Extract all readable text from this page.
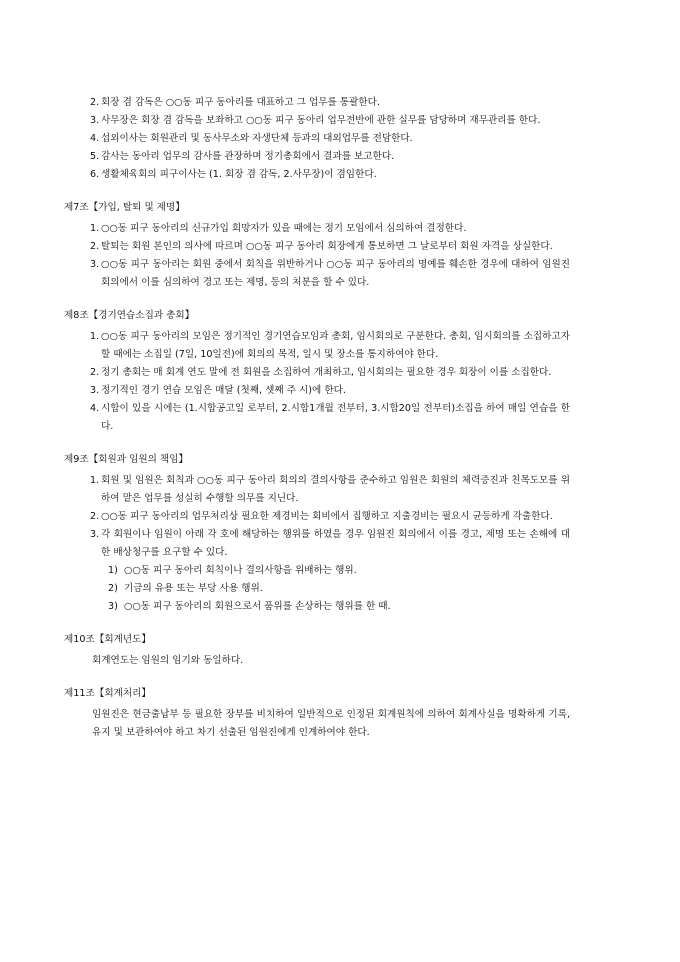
2. 회장 겸 감독은 ○○동 피구 동아리를 대표하고 그 업무를 통괄한다.
3. 사무장은 회장 겸 감독을 보좌하고 ○○동 피구 동아리 업무전반에 관한 실무를 담당하며 재무관리를 한다.
4. 섭외이사는 회원관리 및 동사무소와 자생단체 등과의 대외업무를 전담한다.
5. 감사는 동아리 업무의 감사를 관장하며 정기총회에서 결과를 보고한다.
6. 생활체육회의 피구이사는 (1. 회장 겸 감독, 2.사무장)이 겸임한다.
제7조【가입, 탈퇴 및 제명】
1. ○○동 피구 동아리의 신규가입 희망자가 있을 때에는 정기 모임에서 심의하여 결정한다.
2. 탈퇴는 회원 본인의 의사에 따르며 ○○동 피구 동아리 회장에게 통보하면 그 날로부터 회원 자격을 상실한다.
3. ○○동 피구 동아리는 회원 중에서 회칙을 위반하거나 ○○동 피구 동아리의 명예를 훼손한 경우에 대하여 임원진 회의에서 이를 심의하여 경고 또는 제명, 등의 처분을 할 수 있다.
제8조【경기연습소집과 총회】
1. ○○동 피구 동아리의 모임은 정기적인 경기연습모임과 총회, 임시회의로 구분한다. 총회, 임시회의를 소집하고자 할 때에는 소집일 (7일, 10일전)에 회의의 목적, 일시 및 장소를 통지하여야 한다.
2. 정기 총회는 매 회계 연도 말에 전 회원을 소집하여 개최하고, 임시회의는 필요한 경우 회장이 이를 소집한다.
3. 정기적인 경기 연습 모임은 매달 (첫째, 셋째 주 시)에 한다.
4. 시합이 있을 시에는 (1.시합공고일 로부터, 2.시합1개월 전부터, 3.시합20일 전부터)소집을 하여 매일 연습을 한다.
제9조【회원과 임원의 책임】
1. 회원 및 임원은 회칙과 ○○동 피구 동아리 회의의 결의사항을 준수하고 임원은 회원의 체력증진과 친목도모를 위하여 맡은 업무를 성실히 수행할 의무를 지닌다.
2. ○○동 피구 동아리의 업무처리상 필요한 제경비는 회비에서 집행하고 지출경비는 필요시 균등하게 각출한다.
3. 각 회원이나 임원이 아래 각 호에 해당하는 행위를 하였을 경우 임원진 회의에서 이를 경고, 제명 또는 손해에 대한 배상청구를 요구할 수 있다.
1) ○○동 피구 동아리 회칙이나 결의사항을 위배하는 행위.
2) 기금의 유용 또는 부당 사용 행위.
3) ○○동 피구 동아리의 회원으로서 품위를 손상하는 행위를 한 때.
제10조【회계년도】
회계연도는 임원의 임기와 동일하다.
제11조【회계처리】
임원진은 현금출납부 등 필요한 장부를 비치하여 일반적으로 인정된 회계원칙에 의하여 회계사실을 명확하게 기록, 유지 및 보관하여야 하고 차기 선출된 임원진에게 인계하여야 한다.
